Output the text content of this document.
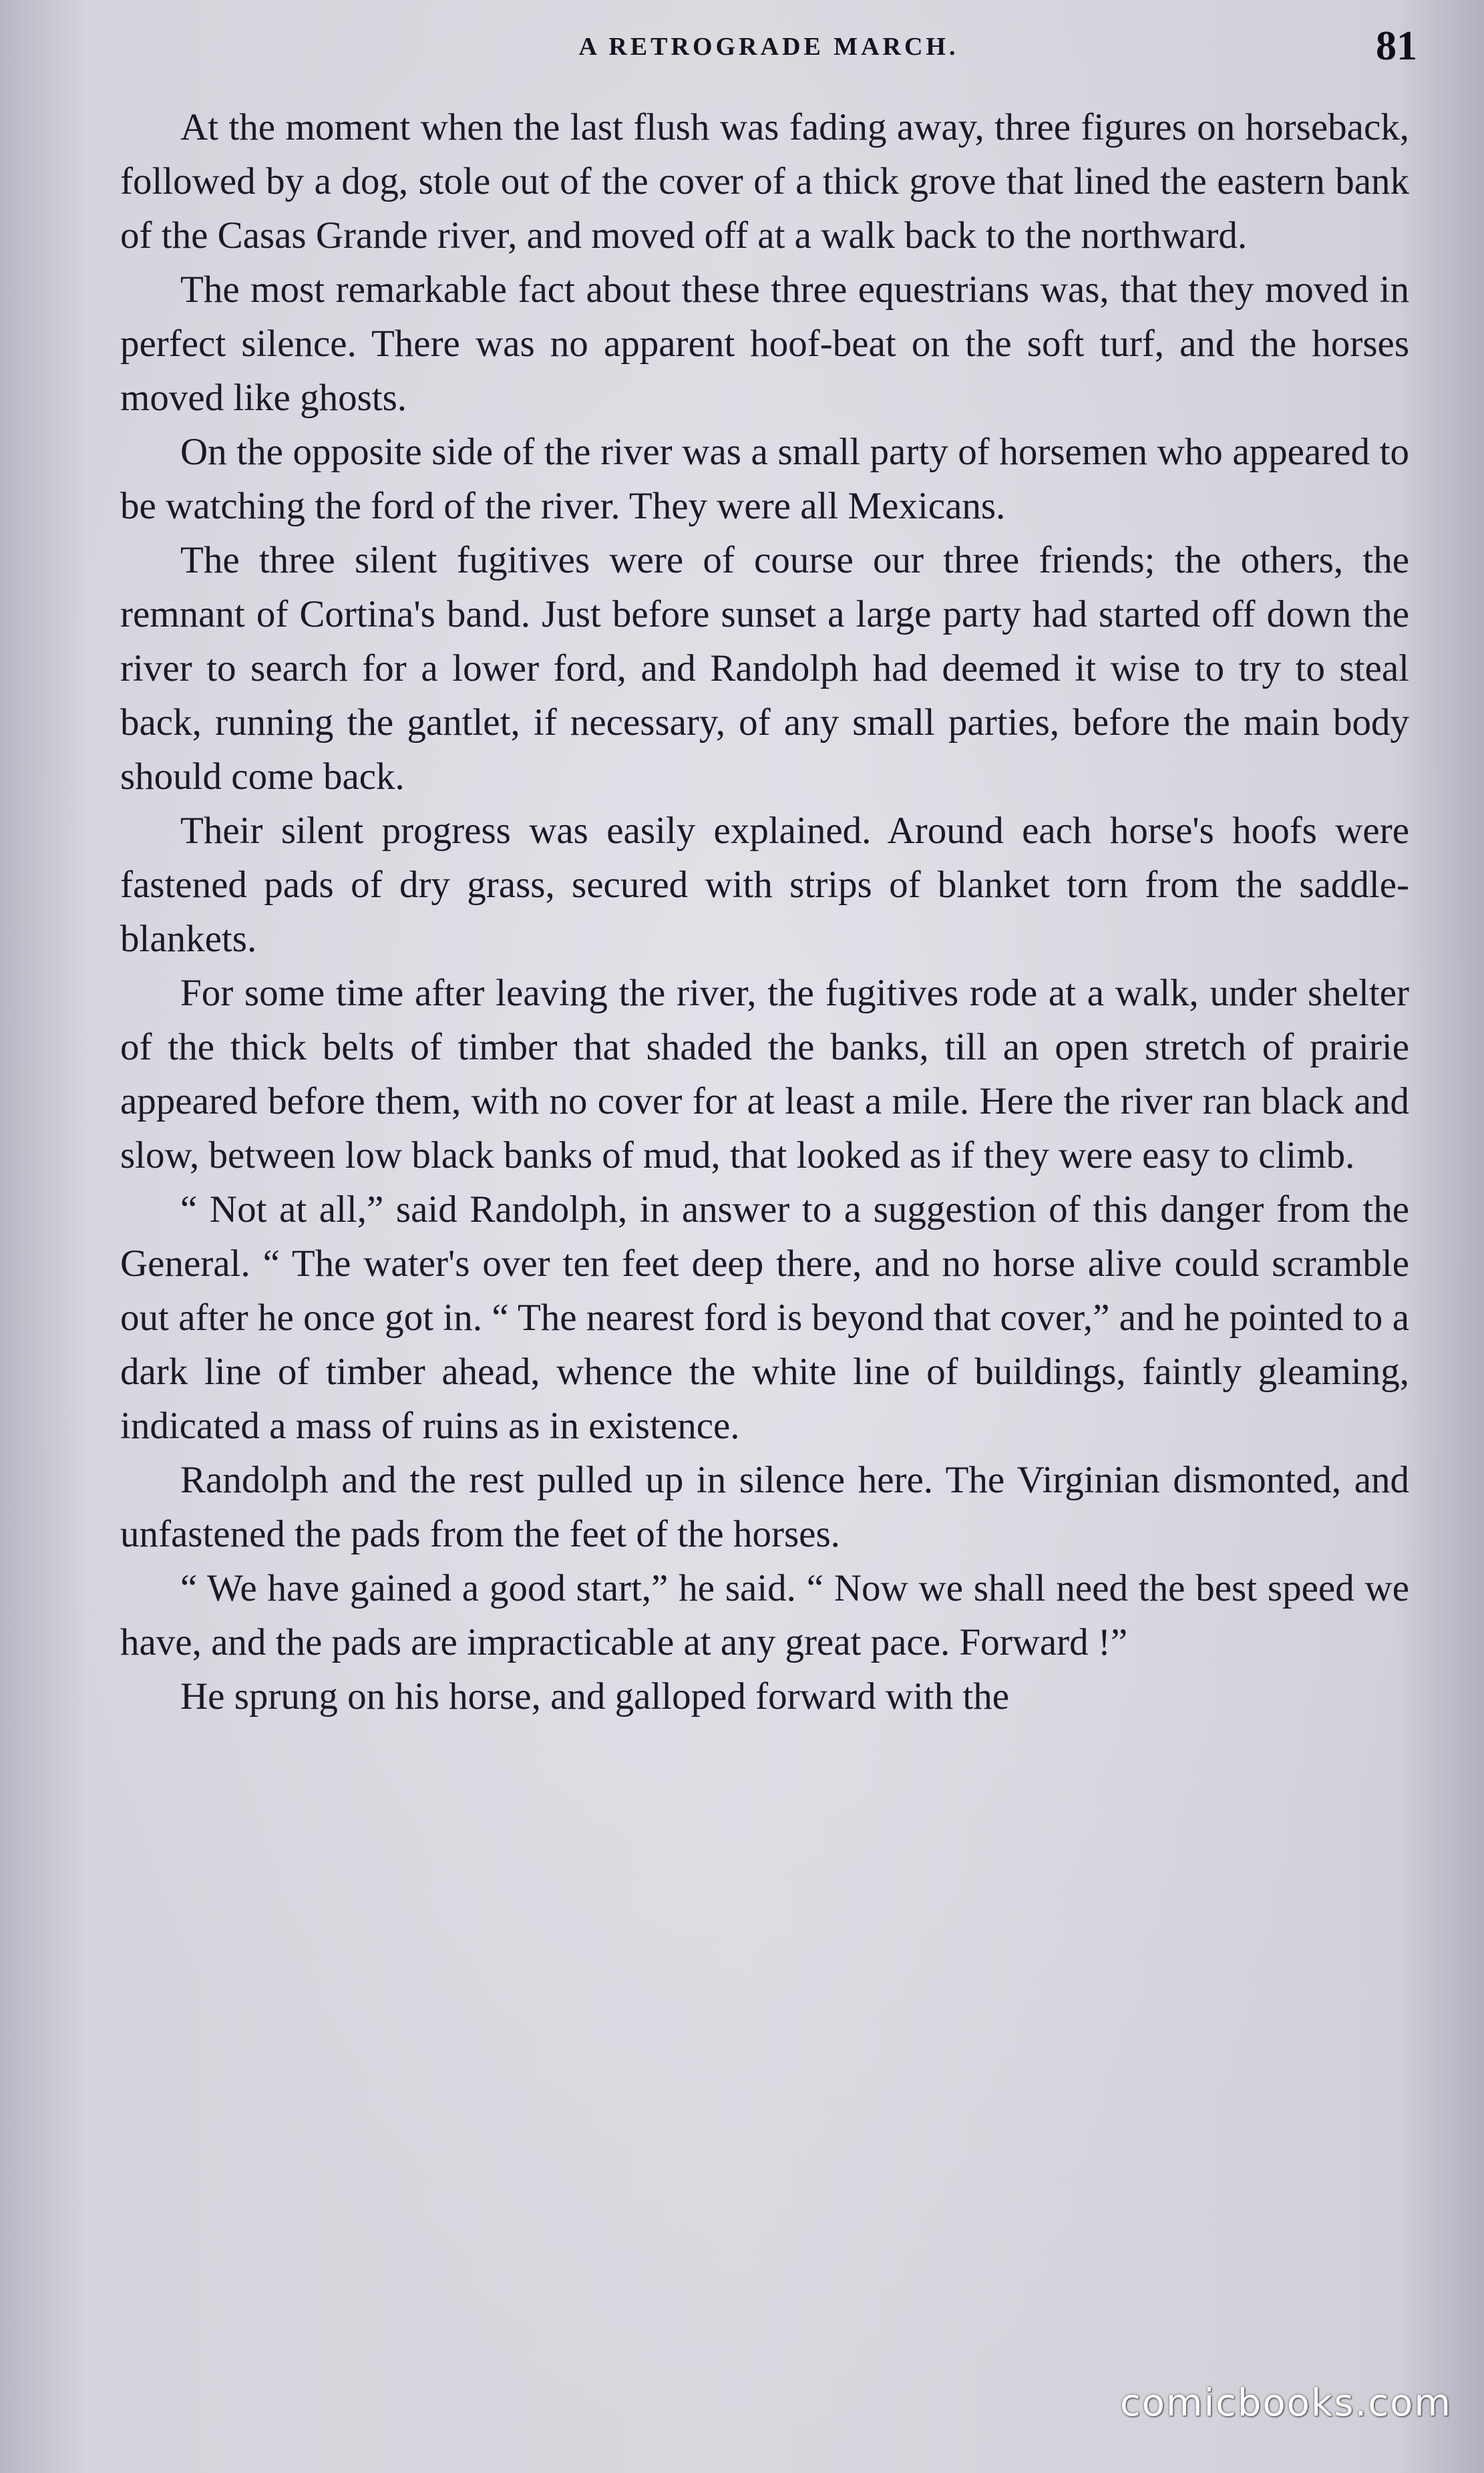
A RETROGRADE MARCH.	81

At the moment when the last flush was fading away, three figures on horseback, followed by a dog, stole out of the cover of a thick grove that lined the eastern bank of the Casas Grande river, and moved off at a walk back to the northward.

The most remarkable fact about these three equestrians was, that they moved in perfect silence. There was no apparent hoof-beat on the soft turf, and the horses moved like ghosts.

On the opposite side of the river was a small party of horsemen who appeared to be watching the ford of the river. They were all Mexicans.

The three silent fugitives were of course our three friends; the others, the remnant of Cortina's band. Just before sunset a large party had started off down the river to search for a lower ford, and Randolph had deemed it wise to try to steal back, running the gantlet, if necessary, of any small parties, before the main body should come back.

Their silent progress was easily explained. Around each horse's hoofs were fastened pads of dry grass, secured with strips of blanket torn from the saddle-blankets.

For some time after leaving the river, the fugitives rode at a walk, under shelter of the thick belts of timber that shaded the banks, till an open stretch of prairie appeared before them, with no cover for at least a mile. Here the river ran black and slow, between low black banks of mud, that looked as if they were easy to climb.

“ Not at all,” said Randolph, in answer to a suggestion of this danger from the General. “ The water's over ten feet deep there, and no horse alive could scramble out after he once got in. “ The nearest ford is beyond that cover,” and he pointed to a dark line of timber ahead, whence the white line of buildings, faintly gleaming, indicated a mass of ruins as in existence.

Randolph and the rest pulled up in silence here. The Virginian dismonted, and unfastened the pads from the feet of the horses.

“ We have gained a good start,” he said. “ Now we shall need the best speed we have, and the pads are impracticable at any great pace. Forward !”

He sprung on his horse, and galloped forward with the

comicbooks.com
